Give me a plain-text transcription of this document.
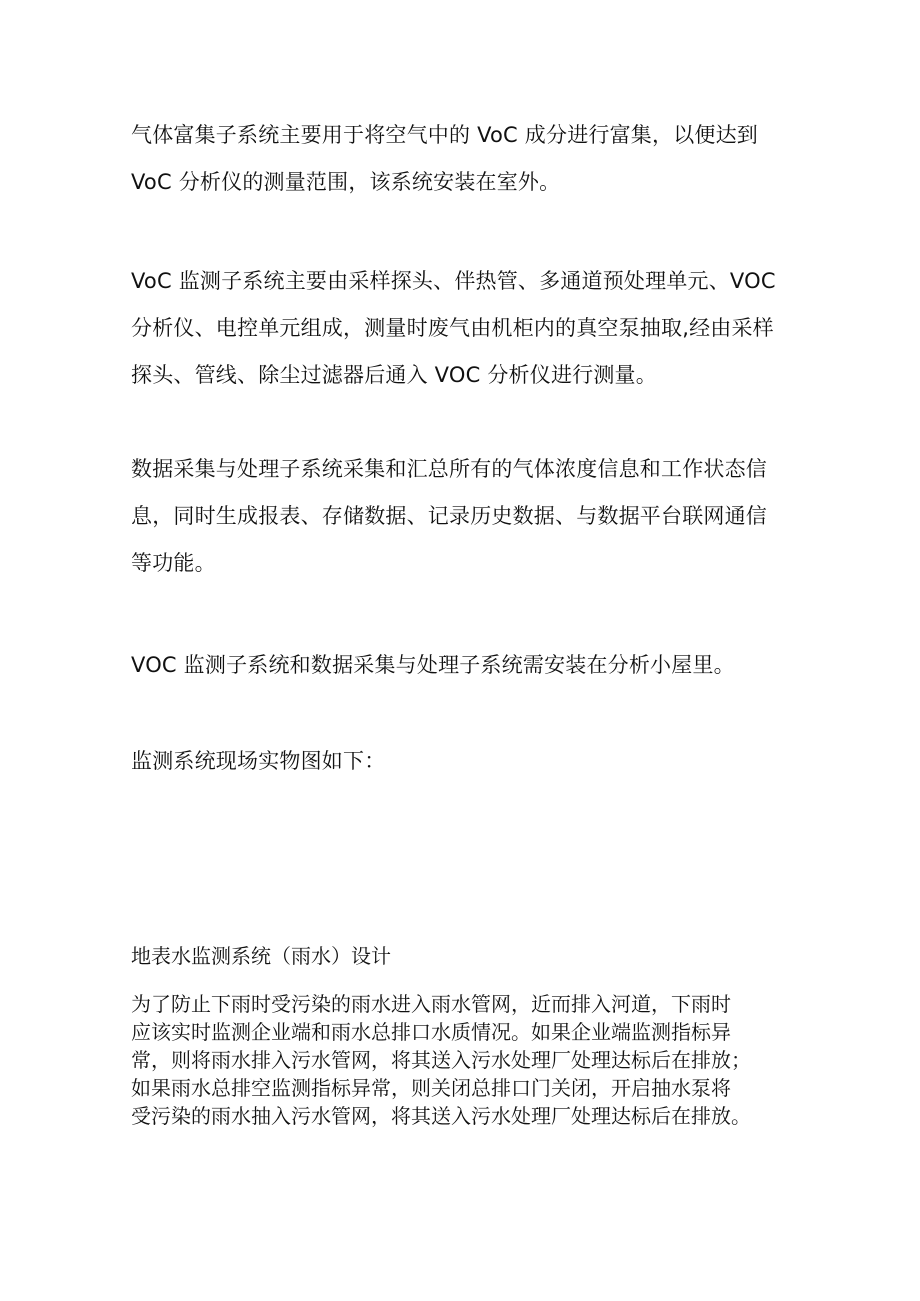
气体富集子系统主要用于将空气中的 VoC 成分进行富集，以便达到
VoC 分析仪的测量范围，该系统安装在室外。

VoC 监测子系统主要由采样探头、伴热管、多通道预处理单元、VOC
分析仪、电控单元组成，测量时废气由机柜内的真空泵抽取,经由采样
探头、管线、除尘过滤器后通入 VOC 分析仪进行测量。

数据采集与处理子系统采集和汇总所有的气体浓度信息和工作状态信
息，同时生成报表、存储数据、记录历史数据、与数据平台联网通信
等功能。

VOC 监测子系统和数据采集与处理子系统需安装在分析小屋里。

监测系统现场实物图如下：

地表水监测系统（雨水）设计

为了防止下雨时受污染的雨水进入雨水管网，近而排入河道，下雨时
应该实时监测企业端和雨水总排口水质情况。如果企业端监测指标异
常，则将雨水排入污水管网，将其送入污水处理厂处理达标后在排放；
如果雨水总排空监测指标异常，则关闭总排口门关闭，开启抽水泵将
受污染的雨水抽入污水管网，将其送入污水处理厂处理达标后在排放。
